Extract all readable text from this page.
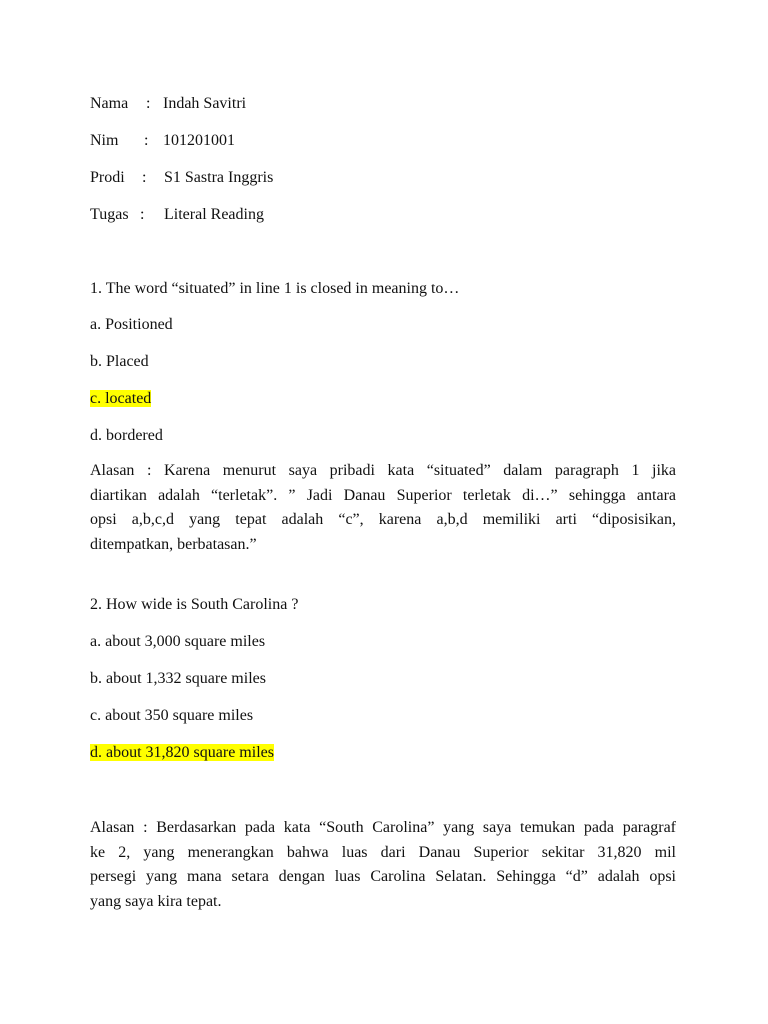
Nama : Indah Savitri
Nim : 101201001
Prodi : S1 Sastra Inggris
Tugas : Literal Reading
1. The word “situated” in line 1 is closed in meaning to…
a. Positioned
b. Placed
c. located
d. bordered
Alasan : Karena menurut saya pribadi kata “situated” dalam paragraph 1 jika
diartikan adalah “terletak”. ” Jadi Danau Superior terletak di…” sehingga antara
opsi a,b,c,d yang tepat adalah “c”, karena a,b,d memiliki arti “diposisikan,
ditempatkan, berbatasan.”
2. How wide is South Carolina ?
a. about 3,000 square miles
b. about 1,332 square miles
c. about 350 square miles
d. about 31,820 square miles
Alasan : Berdasarkan pada kata “South Carolina” yang saya temukan pada paragraf
ke 2, yang menerangkan bahwa luas dari Danau Superior sekitar 31,820 mil
persegi yang mana setara dengan luas Carolina Selatan. Sehingga “d” adalah opsi
yang saya kira tepat.
